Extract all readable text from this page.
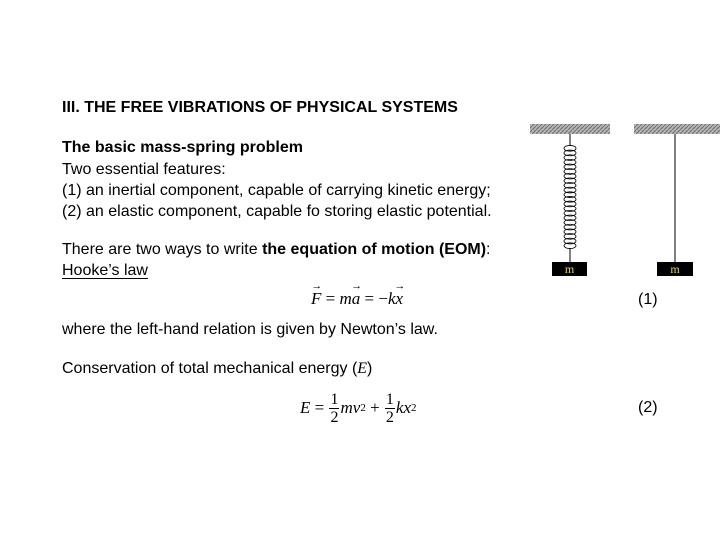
III. THE FREE VIBRATIONS OF PHYSICAL SYSTEMS
The basic mass-spring problem
Two essential features:
(1) an inertial component, capable of carrying kinetic energy;
(2) an elastic component, capable fo storing elastic potential.
There are two ways to write the equation of motion (EOM):
Hooke’s law
F → = ma → = −kx →	(1)
where the left-hand relation is given by Newton’s law.
Conservation of total mechanical energy (E)
$E = \frac{1}{2}$ m v $2 + \frac{1}{2}$ k x 2	(2)
m	m
